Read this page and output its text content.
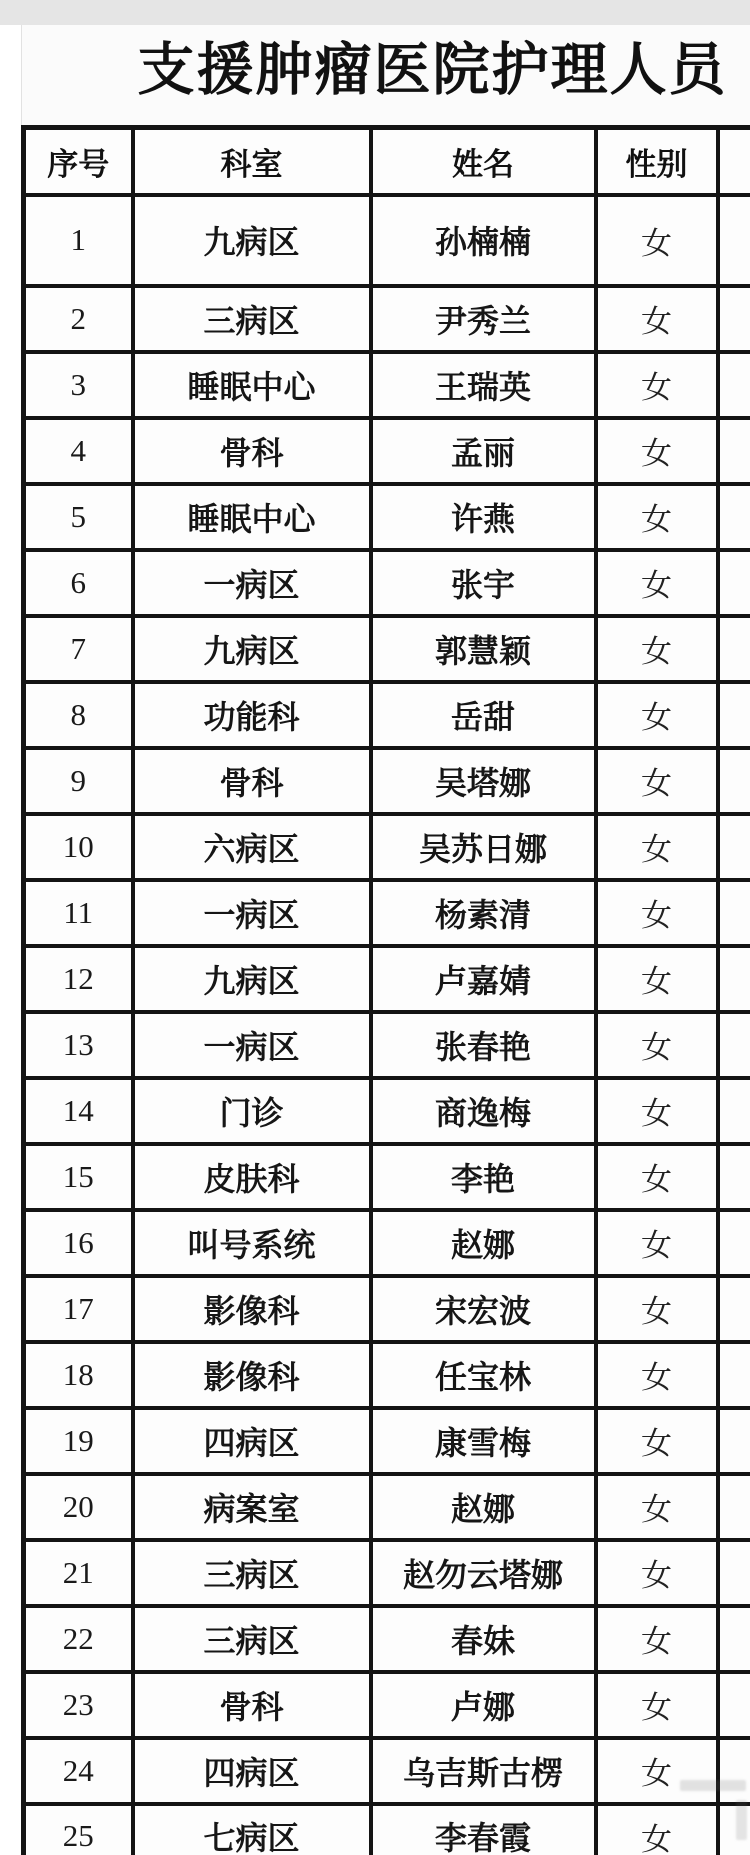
支援肿瘤医院护理人员
序号	科室	姓名	性别	
1	九病区	孙楠楠	女	
2	三病区	尹秀兰	女	
3	睡眠中心	王瑞英	女	
4	骨科	孟丽	女	
5	睡眠中心	许燕	女	
6	一病区	张宇	女	
7	九病区	郭慧颖	女	
8	功能科	岳甜	女	
9	骨科	吴塔娜	女	
10	六病区	吴苏日娜	女	
11	一病区	杨素清	女	
12	九病区	卢嘉婧	女	
13	一病区	张春艳	女	
14	门诊	商逸梅	女	
15	皮肤科	李艳	女	
16	叫号系统	赵娜	女	
17	影像科	宋宏波	女	
18	影像科	任宝林	女	
19	四病区	康雪梅	女	
20	病案室	赵娜	女	
21	三病区	赵勿云塔娜	女	
22	三病区	春妹	女	
23	骨科	卢娜	女	
24	四病区	乌吉斯古楞	女	
25	七病区	李春霞	女	
